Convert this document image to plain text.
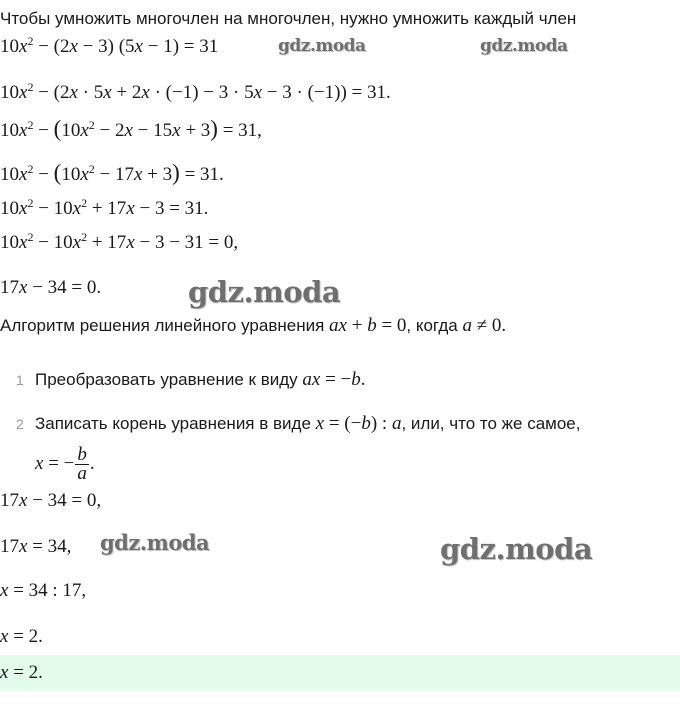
Чтобы умножить многочлен на многочлен, нужно умножить каждый член
$10x^2 - (2x - 3) (5x - 1) = 31$
$10x^2 - (2x \cdot 5x + 2x \cdot (-1) - 3 \cdot 5x - 3 \cdot (-1)) = 31$.
$10x^2 - (10x^2 - 2x - 15x + 3) = 31$,
$10x^2 - (10x^2 - 17x + 3) = 31$.
$10x^2 - 10x^2 + 17x - 3 = 31$.
$10x^2 - 10x^2 + 17x - 3 - 31 = 0$,
17x − 34 = 0.
Алгоритм решения линейного уравнения ax + b = 0, когда a ≠ 0.
1 Преобразовать уравнение к виду ax = −b.
2 Записать корень уравнения в виде x = (−b) : a, или, что то же самое,
x = − $\frac{b}{a}$ .
17x − 34 = 0,
17x = 34,
x = 34 : 17,
x = 2.
x = 2.
gdz.moda	gdz.moda
gdz.moda
gdz.moda	gdz.moda
